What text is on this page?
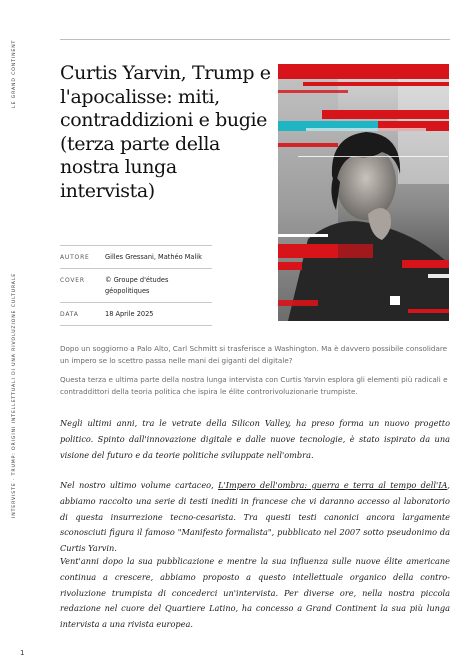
LE GRAND CONTINENT
INTERVISTE · TRUMP: ORIGINI INTELLETTUALI DI UNA RIVOLUZIONE CULTURALE
1
Curtis Yarvin, Trump e l'apocalisse: miti, contraddizioni e bugie (terza parte della nostra lunga intervista)
AUTORE	Gilles Gressani, Mathéo Malik
COVER	© Groupe d'études géopolitiques
DATA	18 Aprile 2025

Dopo un soggiorno a Palo Alto, Carl Schmitt si trasferisce a Washington. Ma è davvero possibile consolidare un impero se lo scettro passa nelle mani dei giganti del digitale?

Questa terza e ultima parte della nostra lunga intervista con Curtis Yarvin esplora gli elementi più radicali e contraddittori della teoria politica che ispira le élite controrivoluzionarie trumpiste.

Negli ultimi anni, tra le vetrate della Silicon Valley, ha preso forma un nuovo progetto politico. Spinto dall'innovazione digitale e dalle nuove tecnologie, è stato ispirato da una visione del futuro e da teorie politiche sviluppate nell'ombra.

Nel nostro ultimo volume cartaceo, L'Impero dell'ombra: guerra e terra al tempo dell'IA, abbiamo raccolto una serie di testi inediti in francese che vi daranno accesso al laboratorio di questa insurrezione tecno-cesarista. Tra questi testi canonici ancora largamente sconosciuti figura il famoso "Manifesto formalista", pubblicato nel 2007 sotto pseudonimo da Curtis Yarvin.

Vent'anni dopo la sua pubblicazione e mentre la sua influenza sulle nuove élite americane continua a crescere, abbiamo proposto a questo intellettuale organico della contro-rivoluzione trumpista di concederci un'intervista. Per diverse ore, nella nostra piccola redazione nel cuore del Quartiere Latino, ha concesso a Grand Continent la sua più lunga intervista a una rivista europea.
